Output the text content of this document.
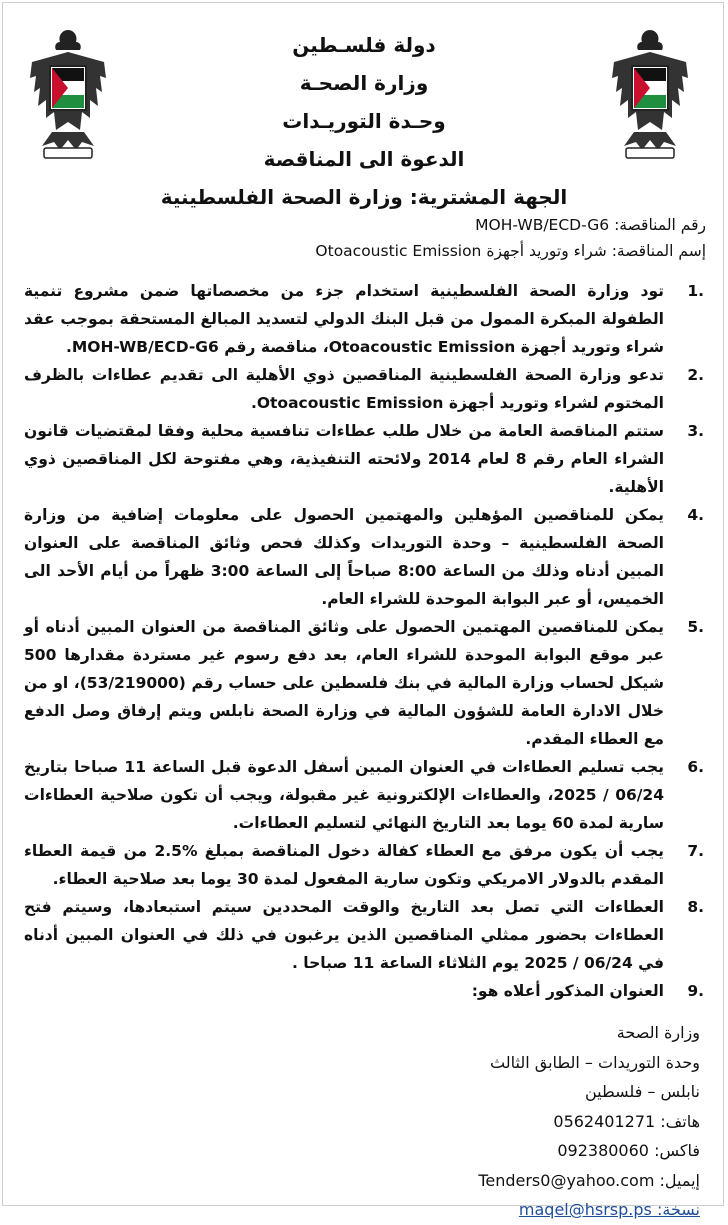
دولة فلسـطين
وزارة الصحـة
وحـدة التوريـدات
الدعوة الى المناقصة
الجهة المشترية: وزارة الصحة الفلسطينية
رقم المناقصة: MOH-WB/ECD-G6
إسم المناقصة: شراء وتوريد أجهزة Otoacoustic Emission
.1
تود وزارة الصحة الفلسطينية استخدام جزء من مخصصاتها ضمن مشروع تنمية الطفولة المبكرة الممول من قبل البنك الدولي لتسديد المبالغ المستحقة بموجب عقد شراء وتوريد أجهزة Otoacoustic Emission، مناقصة رقم MOH-WB/ECD-G6.
.2
تدعو وزارة الصحة الفلسطينية المناقصين ذوي الأهلية الى تقديم عطاءات بالظرف المختوم لشراء وتوريد أجهزة Otoacoustic Emission.
.3
ستتم المناقصة العامة من خلال طلب عطاءات تنافسية محلية وفقا لمقتضيات قانون الشراء العام رقم 8 لعام 2014 ولائحته التنفيذية، وهي مفتوحة لكل المناقصين ذوي الأهلية.
.4
يمكن للمناقصين المؤهلين والمهتمين الحصول على معلومات إضافية من وزارة الصحة الفلسطينية – وحدة التوريدات وكذلك فحص وثائق المناقصة على العنوان المبين أدناه وذلك من الساعة 8:00 صباحاً إلى الساعة 3:00 ظهراً من أيام الأحد الى الخميس، أو عبر البوابة الموحدة للشراء العام.
.5
يمكن للمناقصين المهتمين الحصول على وثائق المناقصة من العنوان المبين أدناه أو عبر موقع البوابة الموحدة للشراء العام، بعد دفع رسوم غير مستردة مقدارها 500 شيكل لحساب وزارة المالية في بنك فلسطين على حساب رقم (53/219000)، او من خلال الادارة العامة للشؤون المالية في وزارة الصحة نابلس ويتم إرفاق وصل الدفع مع العطاء المقدم.
.6
يجب تسليم العطاءات في العنوان المبين أسفل الدعوة قبل الساعة 11 صباحا بتاريخ 06/24 / 2025، والعطاءات الإلكترونية غير مقبولة، ويجب أن تكون صلاحية العطاءات سارية لمدة 60 يوما بعد التاريخ النهائي لتسليم العطاءات.
.7
يجب أن يكون مرفق مع العطاء كفالة دخول المناقصة بمبلغ %2.5 من قيمة العطاء المقدم بالدولار الامريكي وتكون سارية المفعول لمدة 30 يوما بعد صلاحية العطاء.
.8
العطاءات التي تصل بعد التاريخ والوقت المحددين سيتم استبعادها، وسيتم فتح العطاءات بحضور ممثلي المناقصين الذين يرغبون في ذلك في العنوان المبين أدناه في 06/24 / 2025 يوم الثلاثاء الساعة 11 صباحا .
.9
العنوان المذكور أعلاه هو:
وزارة الصحة
وحدة التوريدات – الطابق الثالث
نابلس – فلسطين
هاتف: 0562401271
فاكس: 092380060
إيميل: Tenders0@yahoo.com
نسخة: maqel@hsrsp.ps
